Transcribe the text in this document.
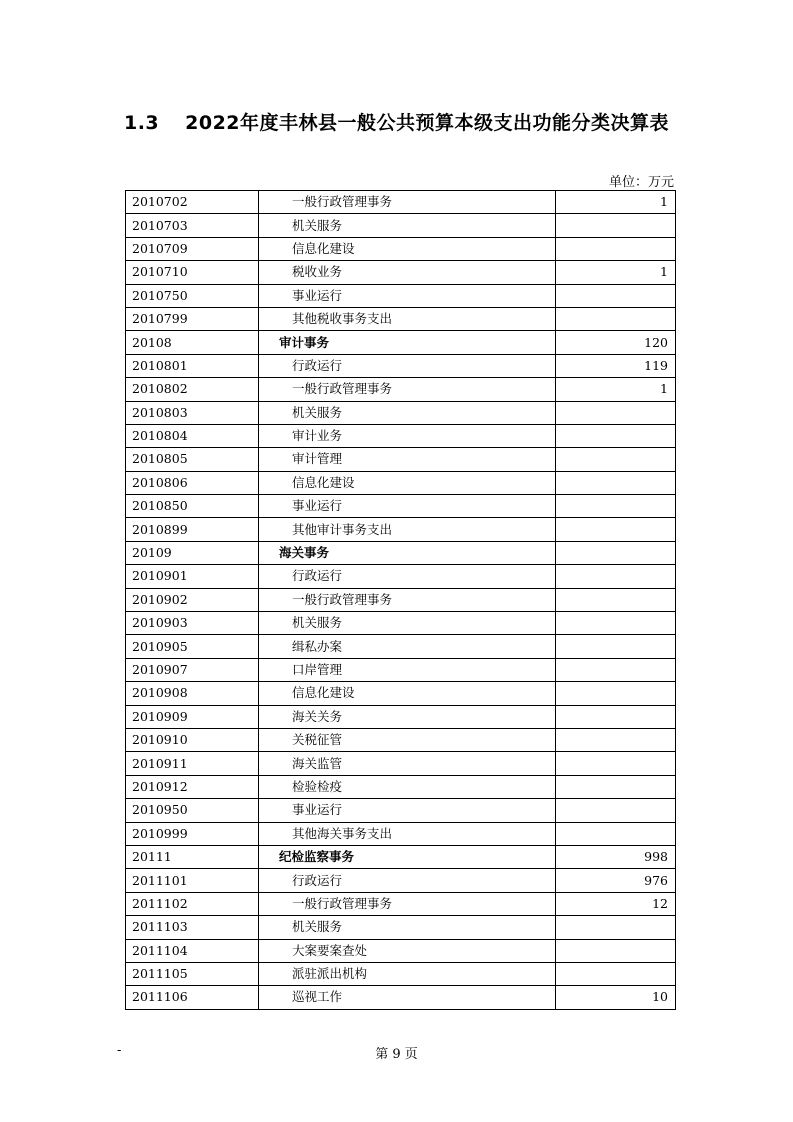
1.3 2022年度丰林县一般公共预算本级支出功能分类决算表
单位：万元
2010702	一般行政管理事务	1
2010703	机关服务	
2010709	信息化建设	
2010710	税收业务	1
2010750	事业运行	
2010799	其他税收事务支出	
20108	审计事务	120
2010801	行政运行	119
2010802	一般行政管理事务	1
2010803	机关服务	
2010804	审计业务	
2010805	审计管理	
2010806	信息化建设	
2010850	事业运行	
2010899	其他审计事务支出	
20109	海关事务	
2010901	行政运行	
2010902	一般行政管理事务	
2010903	机关服务	
2010905	缉私办案	
2010907	口岸管理	
2010908	信息化建设	
2010909	海关关务	
2010910	关税征管	
2010911	海关监管	
2010912	检验检疫	
2010950	事业运行	
2010999	其他海关事务支出	
20111	纪检监察事务	998
2011101	行政运行	976
2011102	一般行政管理事务	12
2011103	机关服务	
2011104	大案要案查处	
2011105	派驻派出机构	
2011106	巡视工作	10
-	第 9 页
